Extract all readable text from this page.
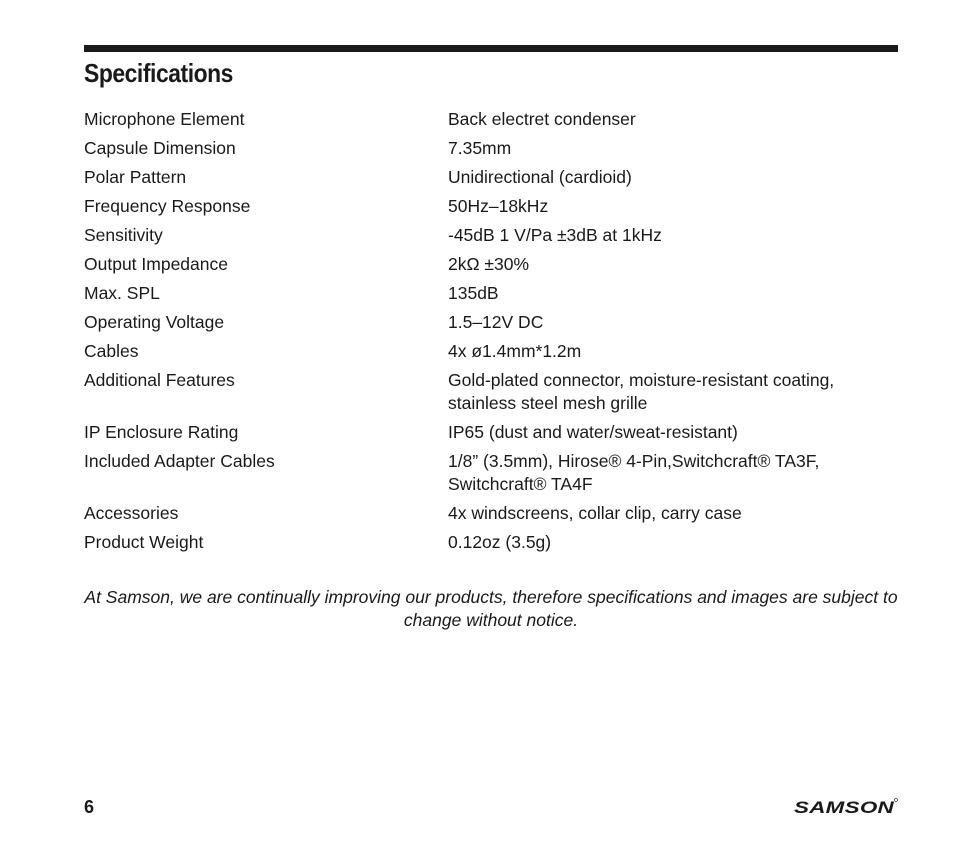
Specifications
Microphone Element	Back electret condenser
Capsule Dimension	7.35mm
Polar Pattern	Unidirectional (cardioid)
Frequency Response	50Hz–18kHz
Sensitivity	-45dB 1 V/Pa ±3dB at 1kHz
Output Impedance	2kΩ ±30%
Max. SPL	135dB
Operating Voltage	1.5–12V DC
Cables	4x ø1.4mm*1.2m
Additional Features	Gold-plated connector, moisture-resistant coating, stainless steel mesh grille
IP Enclosure Rating	IP65 (dust and water/sweat-resistant)
Included Adapter Cables	1/8” (3.5mm), Hirose® 4-Pin,Switchcraft® TA3F, Switchcraft® TA4F
Accessories	4x windscreens, collar clip, carry case
Product Weight	0.12oz (3.5g)

At Samson, we are continually improving our products, therefore specifications and images are subject to change without notice.

6	SAMSON
